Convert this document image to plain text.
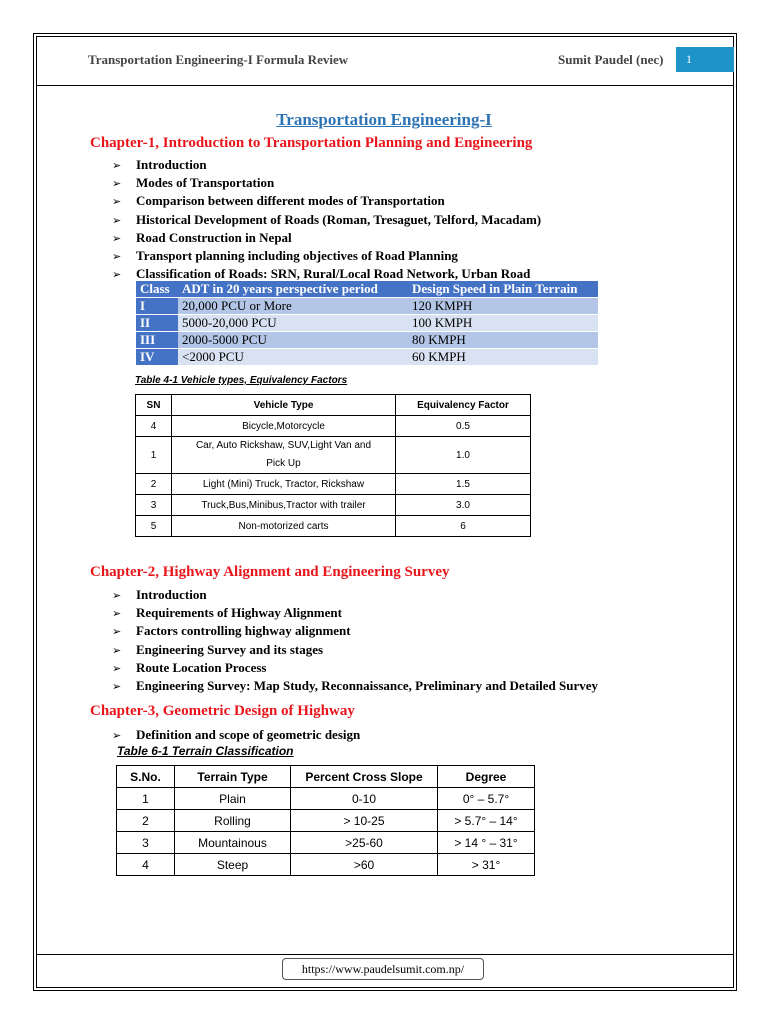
Transportation Engineering-I Formula Review	Sumit Paudel (nec)	1
Transportation Engineering-I

Chapter-1, Introduction to Transportation Planning and Engineering

➢ Introduction
➢ Modes of Transportation
➢ Comparison between different modes of Transportation
➢ Historical Development of Roads (Roman, Tresaguet, Telford, Macadam)
➢ Road Construction in Nepal
➢ Transport planning including objectives of Road Planning
➢ Classification of Roads: SRN, Rural/Local Road Network, Urban Road
Class	ADT in 20 years perspective period	Design Speed in Plain Terrain
I	20,000 PCU or More	120 KMPH
II	5000-20,000 PCU	100 KMPH
III	2000-5000 PCU	80 KMPH
IV	<2000 PCU	60 KMPH

Table 4-1 Vehicle types, Equivalency Factors

SN	Vehicle Type	Equivalency Factor
4	Bicycle,Motorcycle	0.5
1	Car, Auto Rickshaw, SUV,Light Van and Pick Up	1.0
2	Light (Mini) Truck, Tractor, Rickshaw	1.5
3	Truck,Bus,Minibus,Tractor with trailer	3.0
5	Non-motorized carts	6

Chapter-2, Highway Alignment and Engineering Survey

➢ Introduction
➢ Requirements of Highway Alignment
➢ Factors controlling highway alignment
➢ Engineering Survey and its stages
➢ Route Location Process
➢ Engineering Survey: Map Study, Reconnaissance, Preliminary and Detailed Survey

Chapter-3, Geometric Design of Highway

➢ Definition and scope of geometric design

Table 6-1 Terrain Classification

S.No.	Terrain Type	Percent Cross Slope	Degree
1	Plain	0-10	0° – 5.7°
2	Rolling	> 10-25	> 5.7° – 14°
3	Mountainous	>25-60	> 14 ° – 31°
4	Steep	>60	> 31°
https://www.paudelsumit.com.np/
